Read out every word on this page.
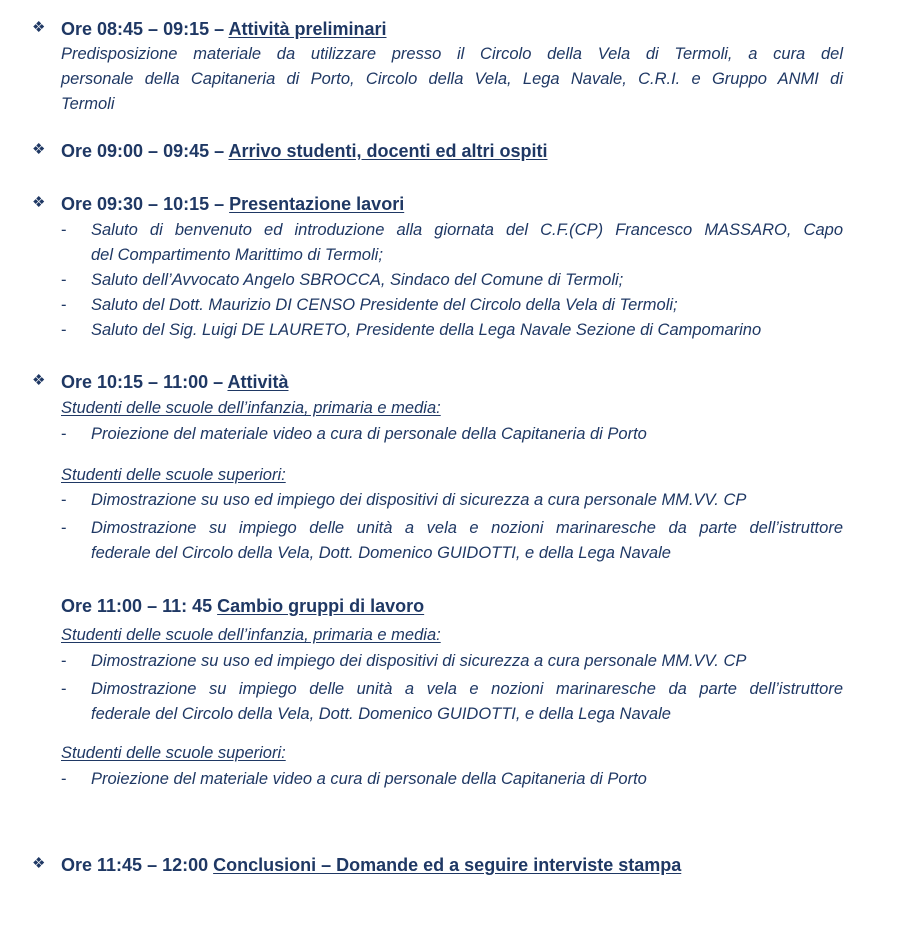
❖ Ore 08:45 – 09:15 – Attività preliminari
Predisposizione materiale da utilizzare presso il Circolo della Vela di Termoli, a cura del
personale della Capitaneria di Porto, Circolo della Vela, Lega Navale, C.R.I. e Gruppo ANMI di
Termoli
❖ Ore 09:00 – 09:45 – Arrivo studenti, docenti ed altri ospiti
❖ Ore 09:30 – 10:15 – Presentazione lavori
-	Saluto di benvenuto ed introduzione alla giornata del C.F.(CP) Francesco MASSARO, Capo
del Compartimento Marittimo di Termoli;
-	Saluto dell’Avvocato Angelo SBROCCA, Sindaco del Comune di Termoli;
-	Saluto del Dott. Maurizio DI CENSO Presidente del Circolo della Vela di Termoli;
-	Saluto del Sig. Luigi DE LAURETO, Presidente della Lega Navale Sezione di Campomarino
❖ Ore 10:15 – 11:00 – Attività
Studenti delle scuole dell’infanzia, primaria e media:
-	Proiezione del materiale video a cura di personale della Capitaneria di Porto
Studenti delle scuole superiori:
-	Dimostrazione su uso ed impiego dei dispositivi di sicurezza a cura personale MM.VV. CP
-	Dimostrazione su impiego delle unità a vela e nozioni marinaresche da parte dell’istruttore
federale del Circolo della Vela, Dott. Domenico GUIDOTTI, e della Lega Navale
Ore 11:00 – 11: 45 Cambio gruppi di lavoro
Studenti delle scuole dell’infanzia, primaria e media:
-	Dimostrazione su uso ed impiego dei dispositivi di sicurezza a cura personale MM.VV. CP
-	Dimostrazione su impiego delle unità a vela e nozioni marinaresche da parte dell’istruttore
federale del Circolo della Vela, Dott. Domenico GUIDOTTI, e della Lega Navale
Studenti delle scuole superiori:
-	Proiezione del materiale video a cura di personale della Capitaneria di Porto
❖ Ore 11:45 – 12:00 Conclusioni – Domande ed a seguire interviste stampa
